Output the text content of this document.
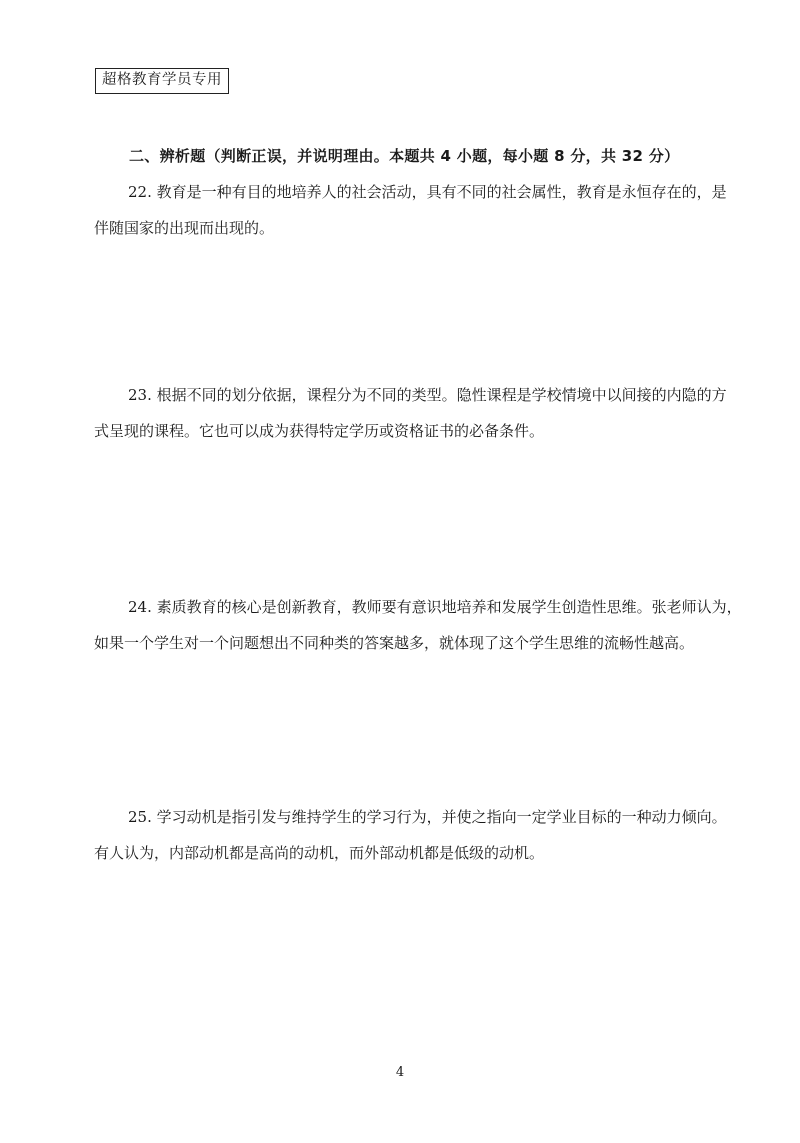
超格教育学员专用
二、辨析题（判断正误，并说明理由。本题共 4 小题，每小题 8 分，共 32 分）
22. 教育是一种有目的地培养人的社会活动，具有不同的社会属性，教育是永恒存在的，是
伴随国家的出现而出现的。
23. 根据不同的划分依据，课程分为不同的类型。隐性课程是学校情境中以间接的内隐的方
式呈现的课程。它也可以成为获得特定学历或资格证书的必备条件。
24. 素质教育的核心是创新教育，教师要有意识地培养和发展学生创造性思维。张老师认为，
如果一个学生对一个问题想出不同种类的答案越多，就体现了这个学生思维的流畅性越高。
25. 学习动机是指引发与维持学生的学习行为，并使之指向一定学业目标的一种动力倾向。
有人认为，内部动机都是高尚的动机，而外部动机都是低级的动机。
4
